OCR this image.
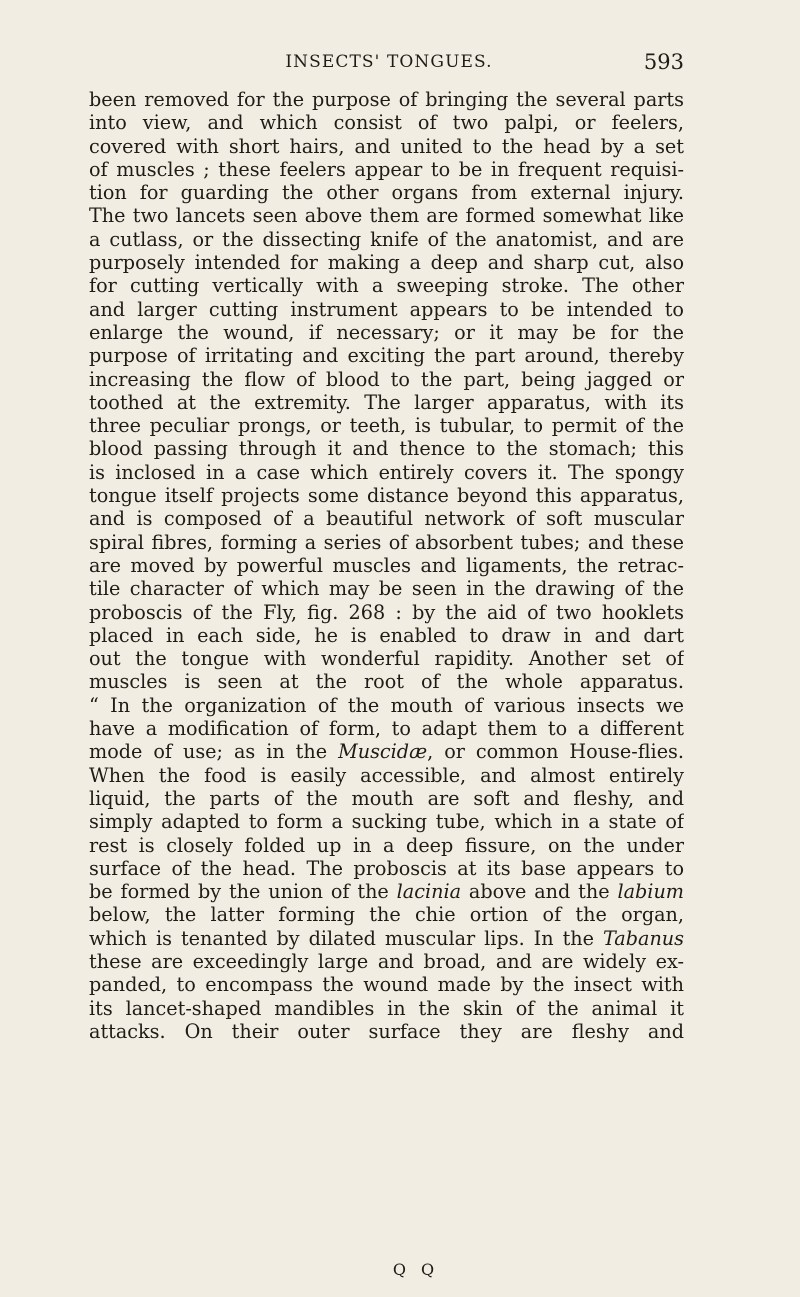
INSECTS' TONGUES.	593
been removed for the purpose of bringing the several parts
into view, and which consist of two palpi, or feelers,
covered with short hairs, and united to the head by a set
of muscles ; these feelers appear to be in frequent requisi-
tion for guarding the other organs from external injury.
The two lancets seen above them are formed somewhat like
a cutlass, or the dissecting knife of the anatomist, and are
purposely intended for making a deep and sharp cut, also
for cutting vertically with a sweeping stroke. The other
and larger cutting instrument appears to be intended to
enlarge the wound, if necessary; or it may be for the
purpose of irritating and exciting the part around, thereby
increasing the flow of blood to the part, being jagged or
toothed at the extremity. The larger apparatus, with its
three peculiar prongs, or teeth, is tubular, to permit of the
blood passing through it and thence to the stomach; this
is inclosed in a case which entirely covers it. The spongy
tongue itself projects some distance beyond this apparatus,
and is composed of a beautiful network of soft muscular
spiral fibres, forming a series of absorbent tubes; and these
are moved by powerful muscles and ligaments, the retrac-
tile character of which may be seen in the drawing of the
proboscis of the Fly, fig. 268 : by the aid of two hooklets
placed in each side, he is enabled to draw in and dart
out the tongue with wonderful rapidity. Another set of
muscles is seen at the root of the whole apparatus.
“ In the organization of the mouth of various insects we
have a modification of form, to adapt them to a different
mode of use; as in the Muscidæ, or common House-flies.
When the food is easily accessible, and almost entirely
liquid, the parts of the mouth are soft and fleshy, and
simply adapted to form a sucking tube, which in a state of
rest is closely folded up in a deep fissure, on the under
surface of the head. The proboscis at its base appears to
be formed by the union of the lacinia above and the labium
below, the latter forming the chie ortion of the organ,
which is tenanted by dilated muscular lips. In the Tabanus
these are exceedingly large and broad, and are widely ex-
panded, to encompass the wound made by the insect with
its lancet-shaped mandibles in the skin of the animal it
attacks. On their outer surface they are fleshy and
Q Q
